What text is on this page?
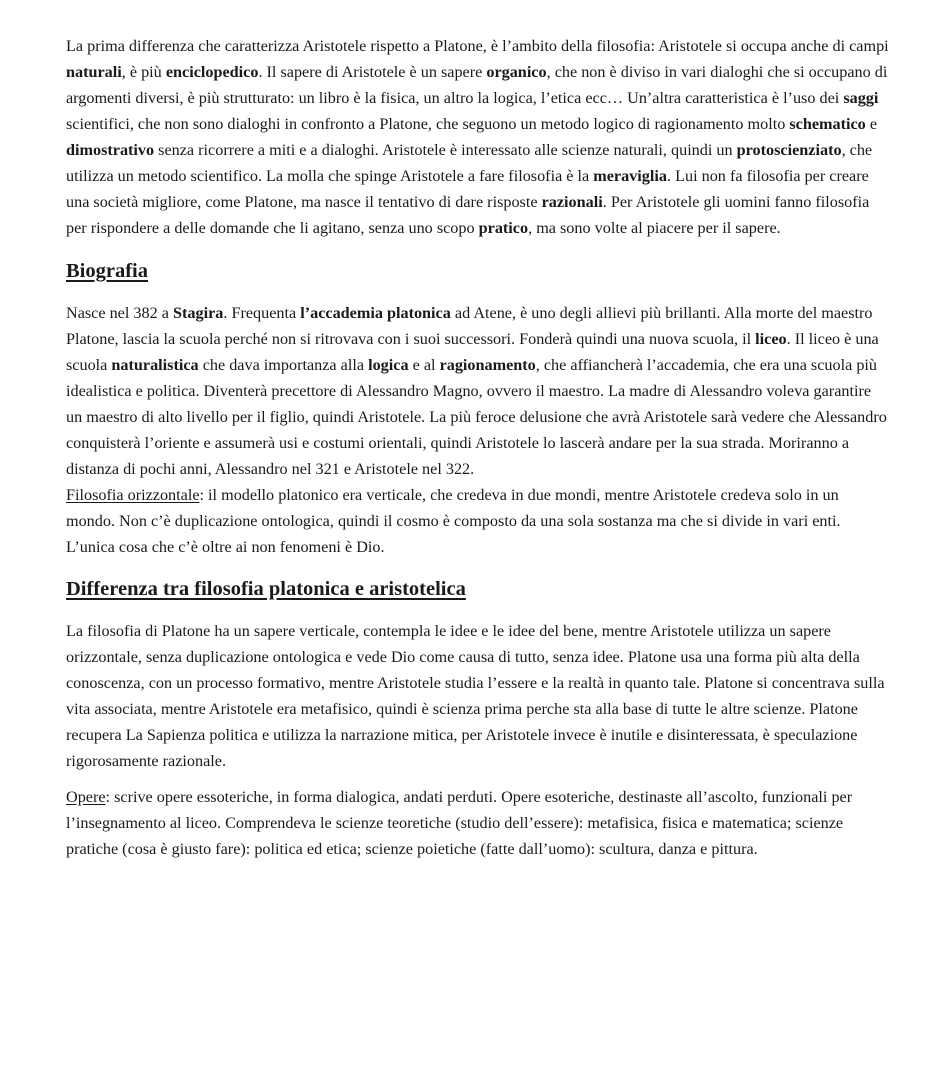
La prima differenza che caratterizza Aristotele rispetto a Platone, è l’ambito della filosofia: Aristotele si occupa anche di campi naturali, è più enciclopedico. Il sapere di Aristotele è un sapere organico, che non è diviso in vari dialoghi che si occupano di argomenti diversi, è più strutturato: un libro è la fisica, un altro la logica, l’etica ecc… Un’altra caratteristica è l’uso dei saggi scientifici, che non sono dialoghi in confronto a Platone, che seguono un metodo logico di ragionamento molto schematico e dimostrativo senza ricorrere a miti e a dialoghi. Aristotele è interessato alle scienze naturali, quindi un protoscienziato, che utilizza un metodo scientifico. La molla che spinge Aristotele a fare filosofia è la meraviglia. Lui non fa filosofia per creare una società migliore, come Platone, ma nasce il tentativo di dare risposte razionali. Per Aristotele gli uomini fanno filosofia per rispondere a delle domande che li agitano, senza uno scopo pratico, ma sono volte al piacere per il sapere.

Biografia

Nasce nel 382 a Stagira. Frequenta l’accademia platonica ad Atene, è uno degli allievi più brillanti. Alla morte del maestro Platone, lascia la scuola perché non si ritrovava con i suoi successori. Fonderà quindi una nuova scuola, il liceo. Il liceo è una scuola naturalistica che dava importanza alla logica e al ragionamento, che affiancherà l’accademia, che era una scuola più idealistica e politica. Diventerà precettore di Alessandro Magno, ovvero il maestro. La madre di Alessandro voleva garantire un maestro di alto livello per il figlio, quindi Aristotele. La più feroce delusione che avrà Aristotele sarà vedere che Alessandro conquisterà l’oriente e assumerà usi e costumi orientali, quindi Aristotele lo lascerà andare per la sua strada. Moriranno a distanza di pochi anni, Alessandro nel 321 e Aristotele nel 322.

Filosofia orizzontale: il modello platonico era verticale, che credeva in due mondi, mentre Aristotele credeva solo in un mondo. Non c’è duplicazione ontologica, quindi il cosmo è composto da una sola sostanza ma che si divide in vari enti. L’unica cosa che c’è oltre ai non fenomeni è Dio.

Differenza tra filosofia platonica e aristotelica

La filosofia di Platone ha un sapere verticale, contempla le idee e le idee del bene, mentre Aristotele utilizza un sapere orizzontale, senza duplicazione ontologica e vede Dio come causa di tutto, senza idee. Platone usa una forma più alta della conoscenza, con un processo formativo, mentre Aristotele studia l’essere e la realtà in quanto tale. Platone si concentrava sulla vita associata, mentre Aristotele era metafisico, quindi è scienza prima perche sta alla base di tutte le altre scienze. Platone recupera La Sapienza politica e utilizza la narrazione mitica, per Aristotele invece è inutile e disinteressata, è speculazione rigorosamente razionale.

Opere: scrive opere essoteriche, in forma dialogica, andati perduti. Opere esoteriche, destinaste all’ascolto, funzionali per l’insegnamento al liceo. Comprendeva le scienze teoretiche (studio dell’essere): metafisica, fisica e matematica; scienze pratiche (cosa è giusto fare): politica ed etica; scienze poietiche (fatte dall’uomo): scultura, danza e pittura.
